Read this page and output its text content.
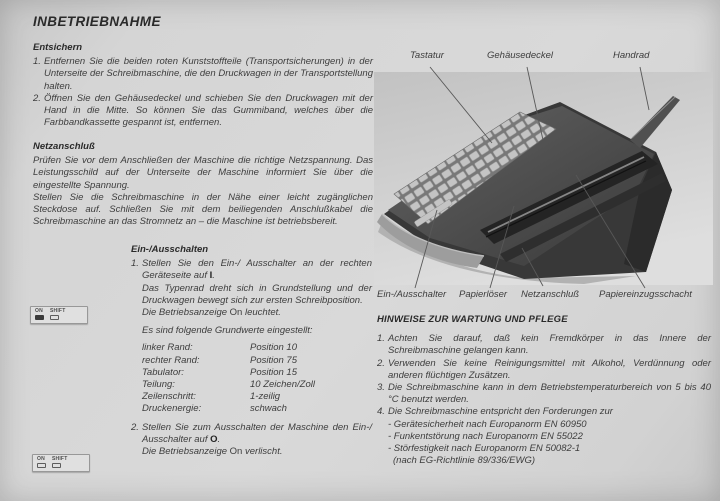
INBETRIEBNAHME
Entsichern
1. Entfernen Sie die beiden roten Kunststoffteile (Transportsicherungen) in der Unterseite der Schreibmaschine, die den Druckwagen in der Transportstellung halten.
2. Öffnen Sie den Gehäusedeckel und schieben Sie den Druckwagen mit der Hand in die Mitte. So können Sie das Gummiband, welches über die Farbbandkassette gespannt ist, entfernen.
Netzanschluß
Prüfen Sie vor dem Anschließen der Maschine die richtige Netzspannung. Das Leistungsschild auf der Unterseite der Maschine informiert Sie über die eingestellte Spannung.
Stellen Sie die Schreibmaschine in der Nähe einer leicht zugänglichen Steckdose auf. Schließen Sie mit dem beiliegenden Anschlußkabel die Schreibmaschine an das Stromnetz an – die Maschine ist betriebsbereit.
Ein-/Ausschalten
1. Stellen Sie den Ein-/ Ausschalter an der rechten Geräteseite auf I.
Das Typenrad dreht sich in Grundstellung und der Druckwagen bewegt sich zur ersten Schreibposition.
Die Betriebsanzeige On leuchtet.
Es sind folgende Grundwerte eingestellt:
linker Rand:	Position 10
rechter Rand:	Position 75
Tabulator:	Position 15
Teilung:	10 Zeichen/Zoll
Zeilenschritt:	1-zeilig
Druckenergie:	schwach
2. Stellen Sie zum Ausschalten der Maschine den Ein-/ Ausschalter auf O.
Die Betriebsanzeige On verlischt.
ON SHIFT
ON SHIFT
Tastatur	Gehäusedeckel	Handrad
Ein-/Ausschalter Papierlöser Netzanschluß Papiereinzugsschacht
HINWEISE ZUR WARTUNG UND PFLEGE
1. Achten Sie darauf, daß kein Fremdkörper in das Innere der Schreibmaschine gelangen kann.
2. Verwenden Sie keine Reinigungsmittel mit Alkohol, Verdünnung oder anderen flüchtigen Zusätzen.
3. Die Schreibmaschine kann in dem Betriebstemperaturbereich von 5 bis 40 °C benutzt werden.
4. Die Schreibmaschine entspricht den Forderungen zur
- Gerätesicherheit nach Europanorm EN 60950
- Funkentstörung nach Europanorm EN 55022
- Störfestigkeit nach Europanorm EN 50082-1
(nach EG-Richtlinie 89/336/EWG)
